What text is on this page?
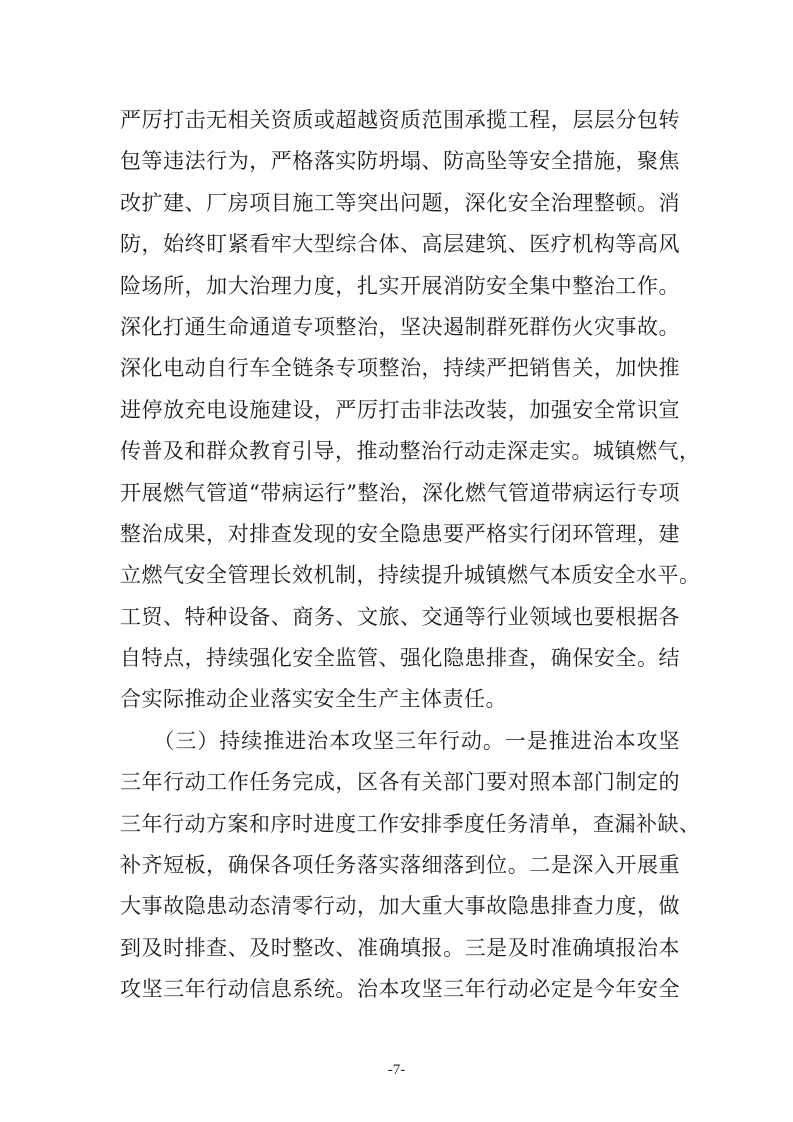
严厉打击无相关资质或超越资质范围承揽工程，层层分包转
包等违法行为，严格落实防坍塌、防高坠等安全措施，聚焦
改扩建、厂房项目施工等突出问题，深化安全治理整顿。消
防，始终盯紧看牢大型综合体、高层建筑、医疗机构等高风
险场所，加大治理力度，扎实开展消防安全集中整治工作。
深化打通生命通道专项整治，坚决遏制群死群伤火灾事故。
深化电动自行车全链条专项整治，持续严把销售关，加快推
进停放充电设施建设，严厉打击非法改装，加强安全常识宣
传普及和群众教育引导，推动整治行动走深走实。城镇燃气，
开展燃气管道“带病运行”整治，深化燃气管道带病运行专项
整治成果，对排查发现的安全隐患要严格实行闭环管理，建
立燃气安全管理长效机制，持续提升城镇燃气本质安全水平。
工贸、特种设备、商务、文旅、交通等行业领域也要根据各
自特点，持续强化安全监管、强化隐患排查，确保安全。结
合实际推动企业落实安全生产主体责任。
　　（三）持续推进治本攻坚三年行动。一是推进治本攻坚
三年行动工作任务完成，区各有关部门要对照本部门制定的
三年行动方案和序时进度工作安排季度任务清单，查漏补缺、
补齐短板，确保各项任务落实落细落到位。二是深入开展重
大事故隐患动态清零行动，加大重大事故隐患排查力度，做
到及时排查、及时整改、准确填报。三是及时准确填报治本
攻坚三年行动信息系统。治本攻坚三年行动必定是今年安全
-7-
